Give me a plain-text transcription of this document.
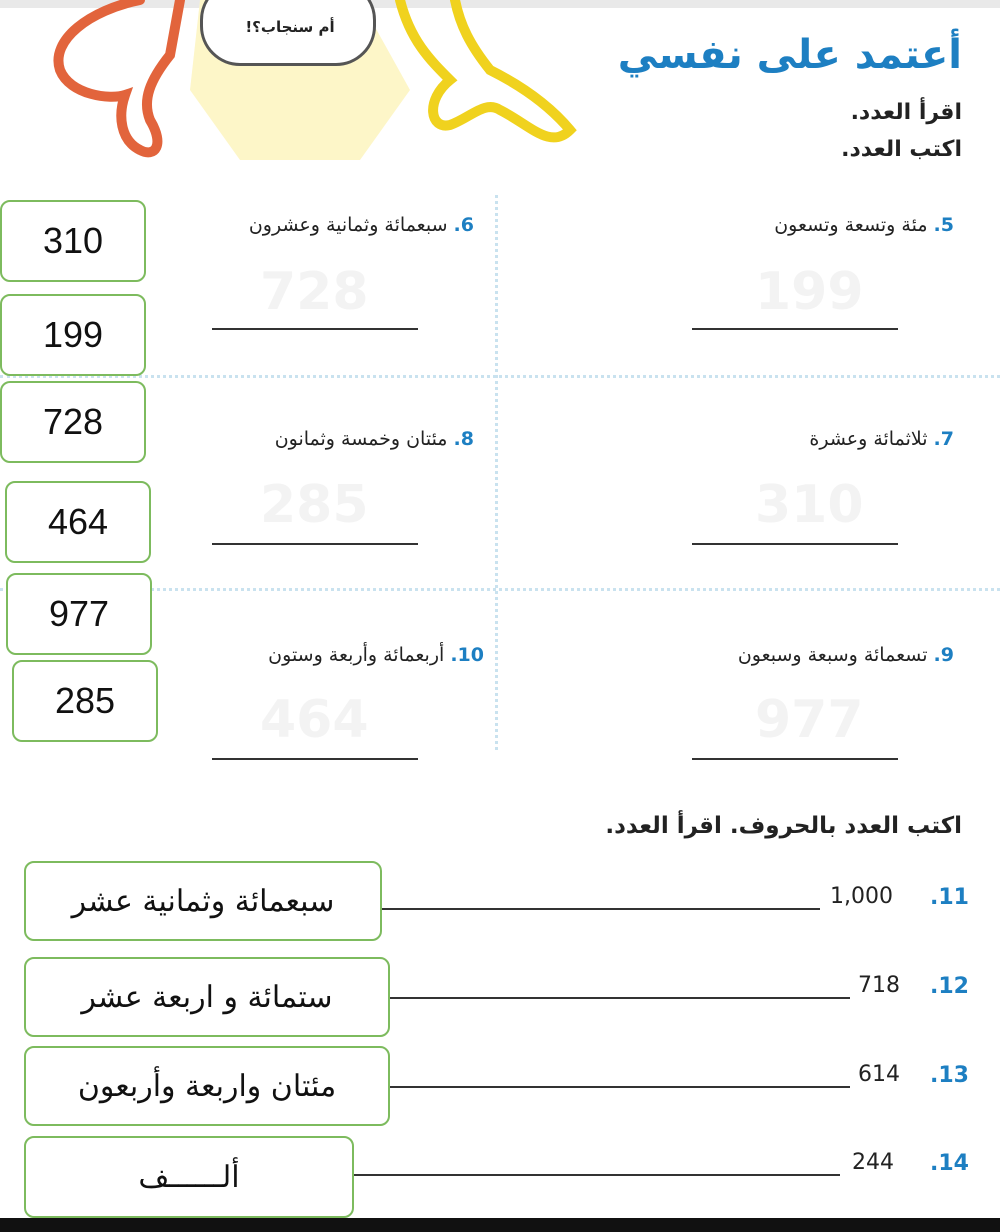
أم سنجاب؟!
أعتمد على نفسي
اقرأ العدد.
اكتب العدد.
199
728
310
285
977
464
5. مئة وتسعة وتسعون
6. سبعمائة وثمانية وعشرون
7. ثلاثمائة وعشرة
8. مئتان وخمسة وثمانون
9. تسعمائة وسبعة وسبعون
10. أربعمائة وأربعة وستون
310
199
728
464
977
285
اكتب العدد بالحروف. اقرأ العدد.
.11
1,000
.12
718
.13
614
.14
244
سبعمائة وثمانية عشر
ستمائة و اربعة عشر
مئتان واربعة وأربعون
ألــــــف
